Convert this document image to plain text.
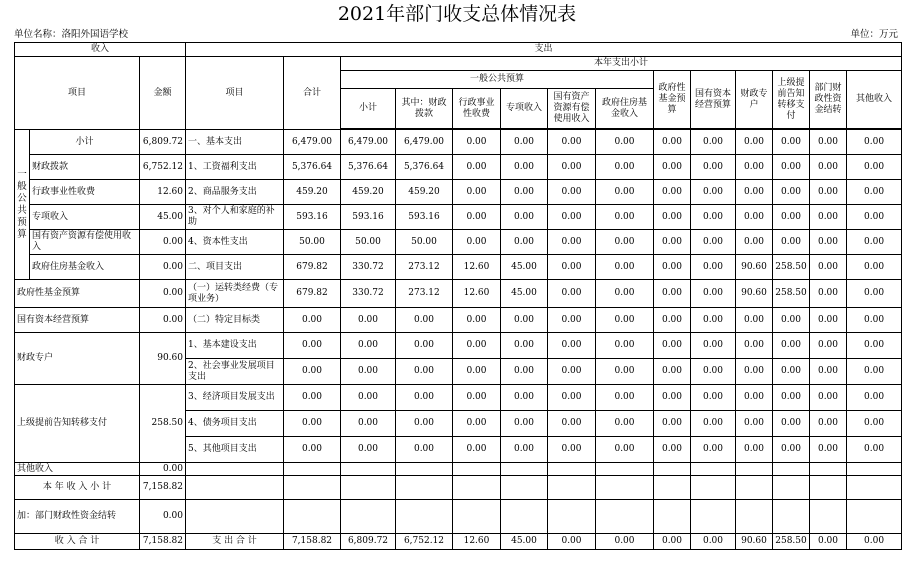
2021年部门收支总体情况表
单位名称：洛阳外国语学校	单位：万元
收入			支出													
项目		金额	项目	合计	本年支出小计											
					一般公共预算						政府性基金预算	国有资本经营预算	财政专户	上级提前告知转移支付	部门财政性资金结转	其他收入
					小计	其中：财政拨款	行政事业性收费	专项收入	国有资产资源有偿使用收入	政府住房基金收入						

一般公共预算	小计	6,809.72	一、基本支出	6,479.00	6,479.00	6,479.00	0.00	0.00	0.00	0.00	0.00	0.00	0.00	0.00	0.00	0.00
	财政拨款	6,752.12	1、工资福利支出	5,376.64	5,376.64	5,376.64	0.00	0.00	0.00	0.00	0.00	0.00	0.00	0.00	0.00	0.00
	行政事业性收费	12.60	2、商品服务支出	459.20	459.20	459.20	0.00	0.00	0.00	0.00	0.00	0.00	0.00	0.00	0.00	0.00
	专项收入	45.00	3、对个人和家庭的补助	593.16	593.16	593.16	0.00	0.00	0.00	0.00	0.00	0.00	0.00	0.00	0.00	0.00
	国有资产资源有偿使用收入	0.00	4、资本性支出	50.00	50.00	50.00	0.00	0.00	0.00	0.00	0.00	0.00	0.00	0.00	0.00	0.00
	政府住房基金收入	0.00	二、项目支出	679.82	330.72	273.12	12.60	45.00	0.00	0.00	0.00	0.00	90.60	258.50	0.00	0.00
政府性基金预算		0.00	（一）运转类经费（专项业务）	679.82	330.72	273.12	12.60	45.00	0.00	0.00	0.00	0.00	90.60	258.50	0.00	0.00
国有资本经营预算		0.00	（二）特定目标类	0.00	0.00	0.00	0.00	0.00	0.00	0.00	0.00	0.00	0.00	0.00	0.00	0.00
财政专户		90.60	1、基本建设支出	0.00	0.00	0.00	0.00	0.00	0.00	0.00	0.00	0.00	0.00	0.00	0.00	0.00
			2、社会事业发展项目支出	0.00	0.00	0.00	0.00	0.00	0.00	0.00	0.00	0.00	0.00	0.00	0.00	0.00
上级提前告知转移支付		258.50	3、经济项目发展支出	0.00	0.00	0.00	0.00	0.00	0.00	0.00	0.00	0.00	0.00	0.00	0.00	0.00
			4、债务项目支出	0.00	0.00	0.00	0.00	0.00	0.00	0.00	0.00	0.00	0.00	0.00	0.00	0.00
			5、其他项目支出	0.00	0.00	0.00	0.00	0.00	0.00	0.00	0.00	0.00	0.00	0.00	0.00	0.00
其他收入		0.00														
本 年 收 入 小 计		7,158.82														
加：部门财政性资金结转		0.00														
收 入 合 计		7,158.82	支 出 合 计	7,158.82	6,809.72	6,752.12	12.60	45.00	0.00	0.00	0.00	0.00	90.60	258.50	0.00	0.00
